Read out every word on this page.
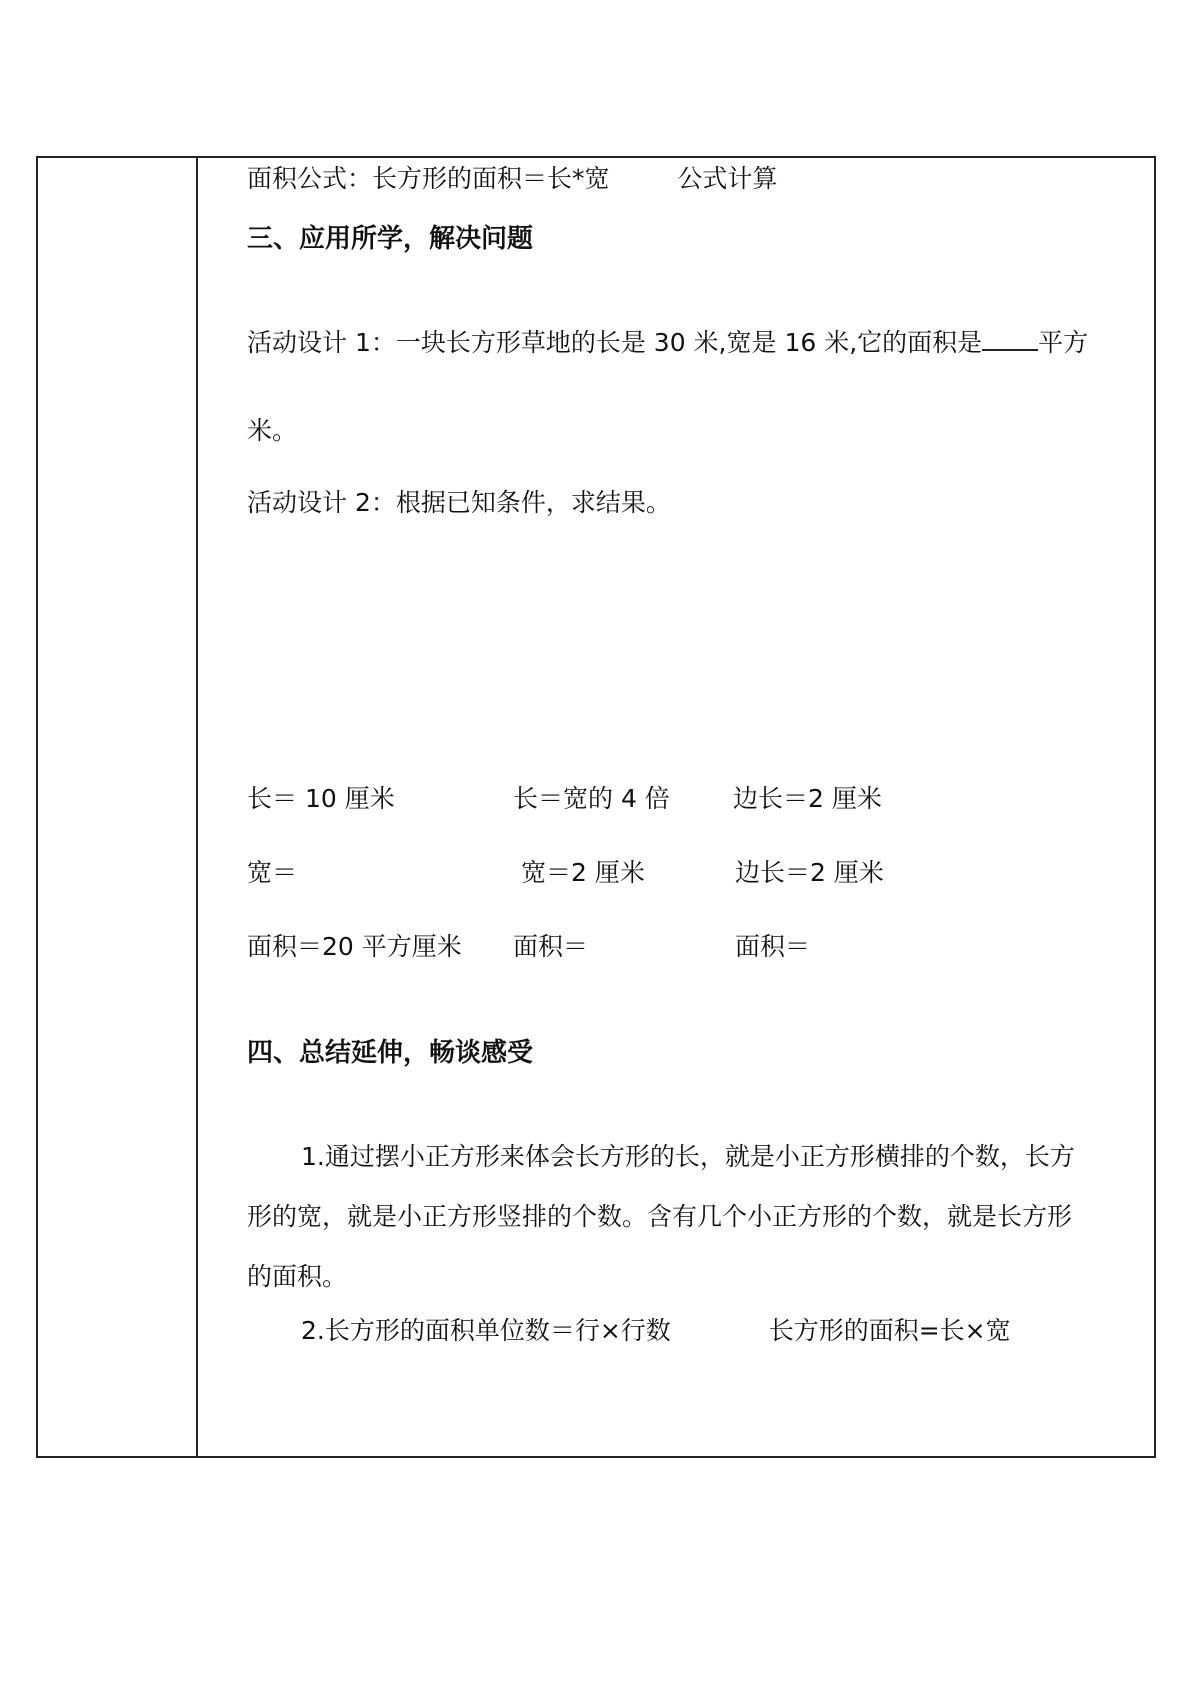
面积公式：长方形的面积＝长*宽	公式计算
三、应用所学，解决问题
活动设计 1：一块长方形草地的长是 30 米,宽是 16 米,它的面积是 平方
米。
活动设计 2：根据已知条件，求结果。
长＝ 10 厘米
宽＝
面积＝20 平方厘米
长＝宽的 4 倍
宽＝2 厘米
面积＝
边长＝2 厘米
边长＝2 厘米
面积＝
四、总结延伸，畅谈感受
1.通过摆小正方形来体会长方形的长，就是小正方形横排的个数，长方
形的宽，就是小正方形竖排的个数。含有几个小正方形的个数，就是长方形
的面积。
2.长方形的面积单位数＝行×行数	长方形的面积=长×宽
